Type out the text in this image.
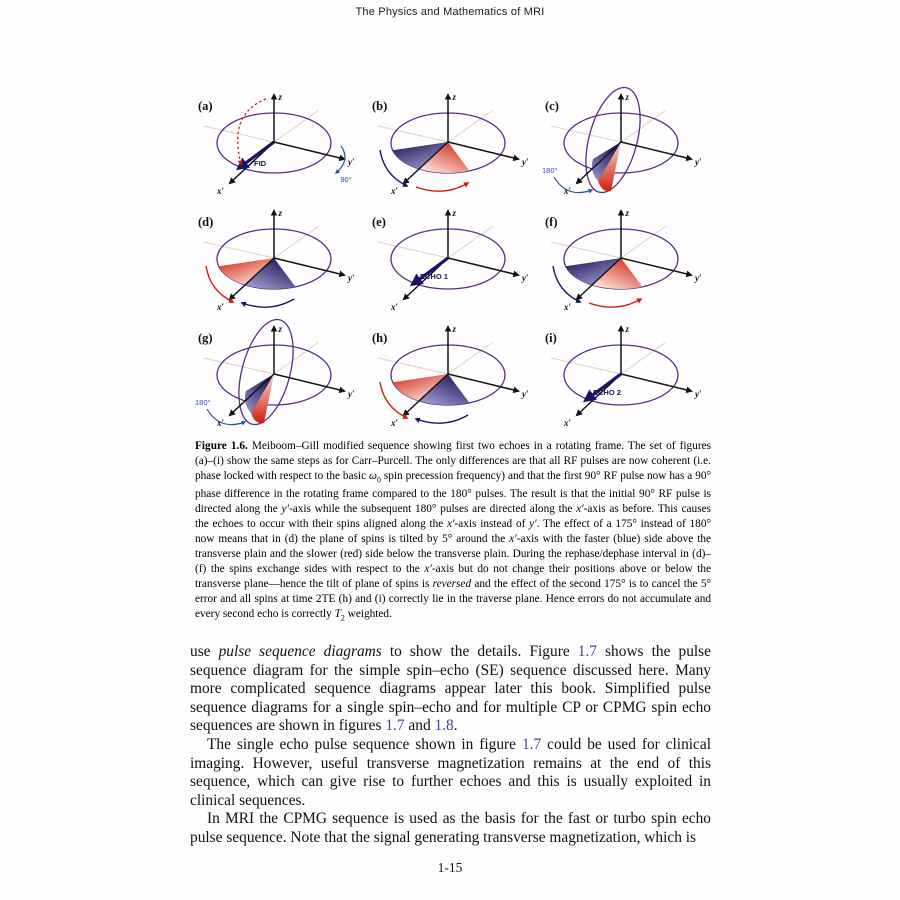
The Physics and Mathematics of MRI
z
y′
x′
FID
90°
(a)
z
y′
x′
(b)
z
y′
x′
180°
(c)
z
y′
x′
(d)
z
y′
x′
ECHO 1
(e)
z
y′
x′
(f)
z
y′
x′
180°
(g)
z
y′
x′
(h)
z
y′
x′
ECHO 2
(i)
Figure 1.6. Meiboom–Gill modified sequence showing first two echoes in a rotating frame. The set of figures (a)–(i) show the same steps as for Carr–Purcell. The only differences are that all RF pulses are now coherent (i.e. phase locked with respect to the basic $\omega_0$ spin precession frequency) and that the first 90° RF pulse now has a 90° phase difference in the rotating frame compared to the 180° pulses. The result is that the initial 90° RF pulse is directed along the y′-axis while the subsequent 180° pulses are directed along the x′-axis as before. This causes the echoes to occur with their spins aligned along the x′-axis instead of y′. The effect of a 175° instead of 180° now means that in (d) the plane of spins is tilted by 5° around the x′-axis with the faster (blue) side above the transverse plain and the slower (red) side below the transverse plain. During the rephase/dephase interval in (d)–(f) the spins exchange sides with respect to the x′-axis but do not change their positions above or below the transverse plane—hence the tilt of plane of spins is reversed and the effect of the second 175° is to cancel the 5° error and all spins at time 2TE (h) and (i) correctly lie in the traverse plane. Hence errors do not accumulate and every second echo is correctly $T_2$ weighted.

use pulse sequence diagrams to show the details. Figure 1.7 shows the pulse sequence diagram for the simple spin–echo (SE) sequence discussed here. Many more complicated sequence diagrams appear later this book. Simplified pulse sequence diagrams for a single spin–echo and for multiple CP or CPMG spin echo sequences are shown in figures 1.7 and 1.8.

The single echo pulse sequence shown in figure 1.7 could be used for clinical imaging. However, useful transverse magnetization remains at the end of this sequence, which can give rise to further echoes and this is usually exploited in clinical sequences.

In MRI the CPMG sequence is used as the basis for the fast or turbo spin echo pulse sequence. Note that the signal generating transverse magnetization, which is

1-15
